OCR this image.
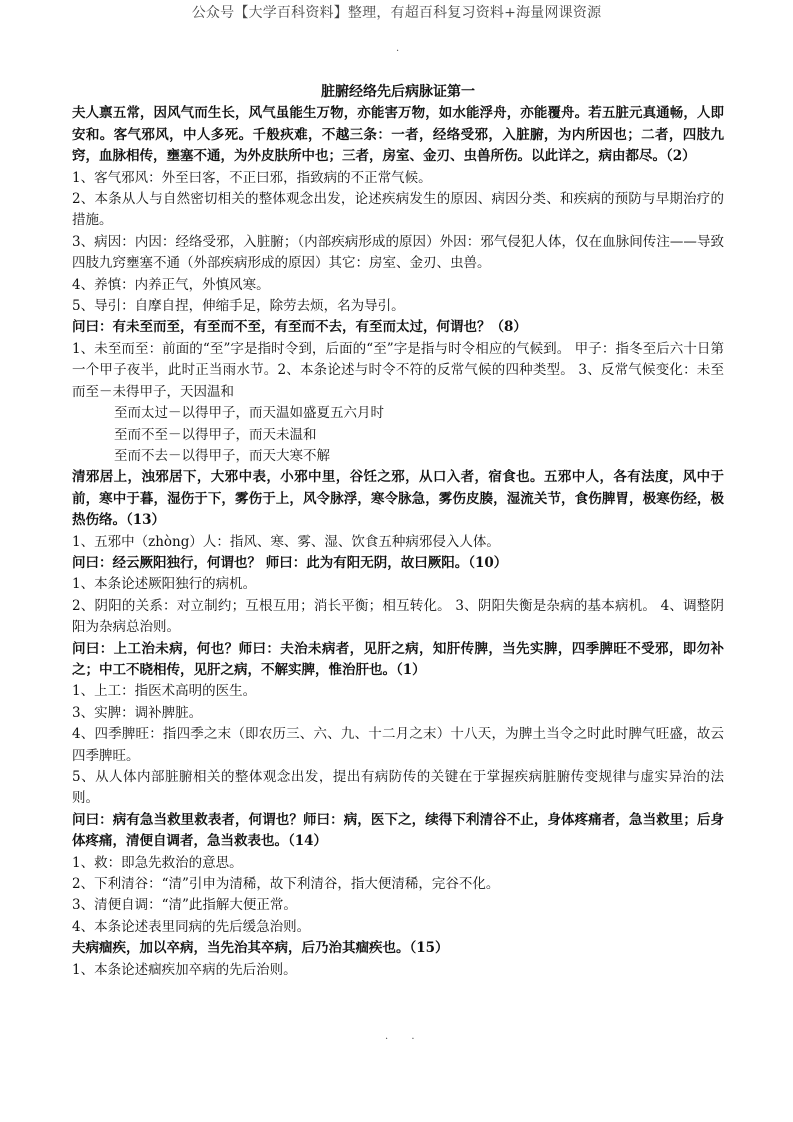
公众号【大学百科资料】整理，有超百科复习资料+海量网课资源
·

脏腑经络先后病脉证第一

夫人禀五常，因风气而生长，风气虽能生万物，亦能害万物，如水能浮舟，亦能覆舟。若五脏元真通畅，人即安和。客气邪风，中人多死。千般疢难，不越三条：一者，经络受邪，入脏腑，为内所因也；二者，四肢九窍，血脉相传，壅塞不通，为外皮肤所中也；三者，房室、金刃、虫兽所伤。以此详之，病由都尽。（2）

1、客气邪风：外至曰客，不正曰邪，指致病的不正常气候。

2、本条从人与自然密切相关的整体观念出发，论述疾病发生的原因、病因分类、和疾病的预防与早期治疗的措施。

3、病因：内因：经络受邪，入脏腑；（内部疾病形成的原因）外因：邪气侵犯人体，仅在血脉间传注——导致四肢九窍壅塞不通（外部疾病形成的原因）其它：房室、金刃、虫兽。

4、养慎：内养正气，外慎风寒。

5、导引：自摩自捏，伸缩手足，除劳去烦，名为导引。

问曰：有未至而至，有至而不至，有至而不去，有至而太过，何谓也？（8）

1、未至而至：前面的“至”字是指时令到，后面的“至”字是指与时令相应的气候到。 甲子：指冬至后六十日第一个甲子夜半，此时正当雨水节。2、本条论述与时令不符的反常气候的四种类型。 3、反常气候变化：未至而至－未得甲子，天因温和

至而太过－以得甲子，而天温如盛夏五六月时

至而不至－以得甲子，而天未温和

至而不去－以得甲子，而天大寒不解

清邪居上，浊邪居下，大邪中表，小邪中里，谷饪之邪，从口入者，宿食也。五邪中人，各有法度，风中于前，寒中于暮，湿伤于下，雾伤于上，风令脉浮，寒令脉急，雾伤皮腠，湿流关节，食伤脾胃，极寒伤经，极热伤络。（13）

1、五邪中（zhòng）人：指风、寒、雾、湿、饮食五种病邪侵入人体。

问曰：经云厥阳独行，何谓也？ 师曰：此为有阳无阴，故曰厥阳。（10）

1、本条论述厥阳独行的病机。

2、阴阳的关系：对立制约；互根互用；消长平衡；相互转化。 3、阴阳失衡是杂病的基本病机。 4、调整阴阳为杂病总治则。

问曰：上工治未病，何也？师曰：夫治未病者，见肝之病，知肝传脾，当先实脾，四季脾旺不受邪，即勿补之；中工不晓相传，见肝之病，不解实脾，惟治肝也。（1）

1、上工：指医术高明的医生。

3、实脾：调补脾脏。

4、四季脾旺：指四季之末（即农历三、六、九、十二月之末）十八天，为脾土当令之时此时脾气旺盛，故云四季脾旺。

5、从人体内部脏腑相关的整体观念出发，提出有病防传的关键在于掌握疾病脏腑传变规律与虚实异治的法则。

问曰：病有急当救里救表者，何谓也？师曰：病，医下之，续得下利清谷不止，身体疼痛者，急当救里；后身体疼痛，清便自调者，急当救表也。（14）

1、救：即急先救治的意思。

2、下利清谷：“清”引申为清稀，故下利清谷，指大便清稀，完谷不化。

3、清便自调：“清”此指解大便正常。

4、本条论述表里同病的先后缓急治则。

夫病痼疾，加以卒病，当先治其卒病，后乃治其痼疾也。（15）

1、本条论述痼疾加卒病的先后治则。

· ·
